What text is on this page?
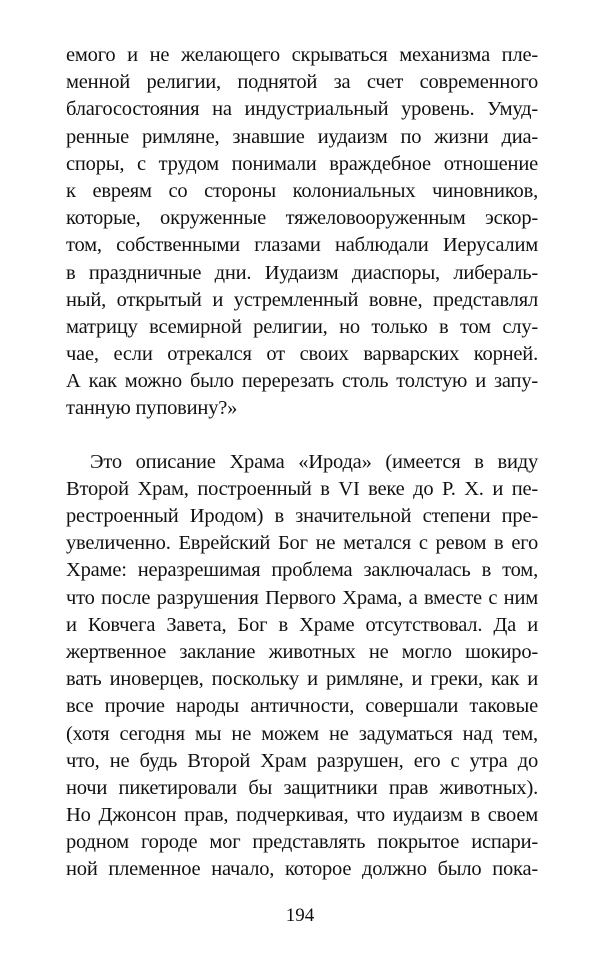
емого и не желающего скрываться механизма пле-
менной религии, поднятой за счет современного
благосостояния на индустриальный уровень. Умуд-
ренные римляне, знавшие иудаизм по жизни диа-
споры, с трудом понимали враждебное отношение
к евреям со стороны колониальных чиновников,
которые, окруженные тяжеловооруженным эскор-
том, собственными глазами наблюдали Иерусалим
в праздничные дни. Иудаизм диаспоры, либераль-
ный, открытый и устремленный вовне, представлял
матрицу всемирной религии, но только в том слу-
чае, если отрекался от своих варварских корней.
А как можно было перерезать столь толстую и запу-
танную пуповину?»
Это описание Храма «Ирода» (имеется в виду
Второй Храм, построенный в VI веке до Р. Х. и пе-
рестроенный Иродом) в значительной степени пре-
увеличенно. Еврейский Бог не метался с ревом в его
Храме: неразрешимая проблема заключалась в том,
что после разрушения Первого Храма, а вместе с ним
и Ковчега Завета, Бог в Храме отсутствовал. Да и
жертвенное заклание животных не могло шокиро-
вать иноверцев, поскольку и римляне, и греки, как и
все прочие народы античности, совершали таковые
(хотя сегодня мы не можем не задуматься над тем,
что, не будь Второй Храм разрушен, его с утра до
ночи пикетировали бы защитники прав животных).
Но Джонсон прав, подчеркивая, что иудаизм в своем
родном городе мог представлять покрытое испари-
ной племенное начало, которое должно было пока-
194
